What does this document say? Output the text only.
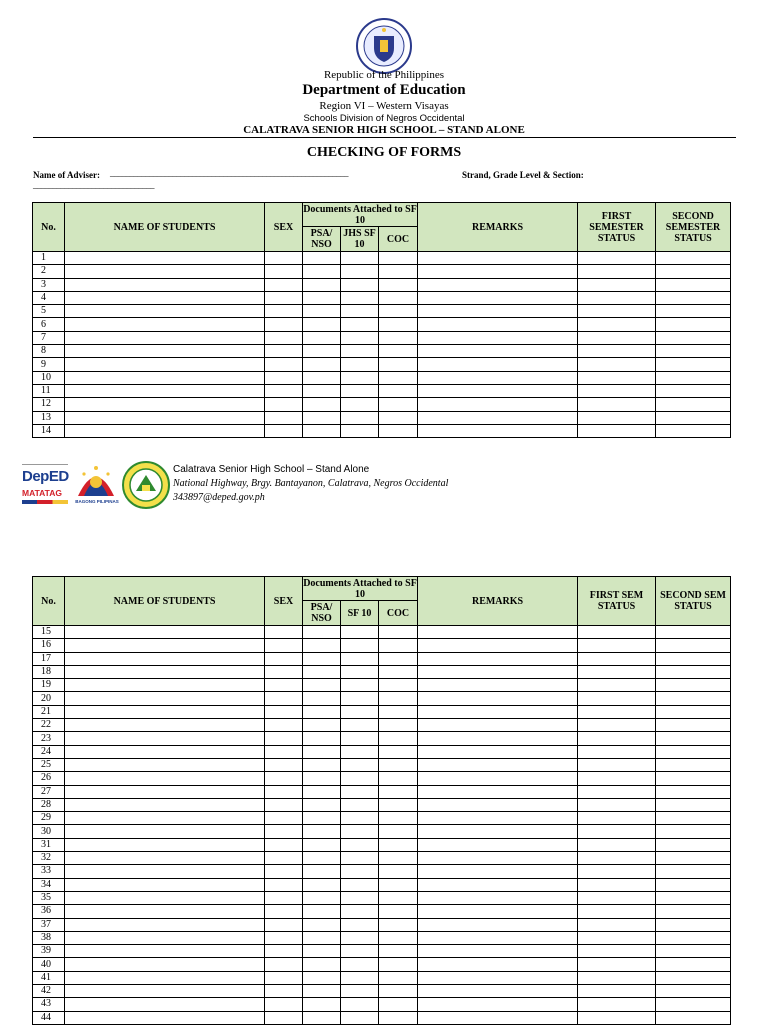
Republic of the Philippines
Department of Education
Region VI – Western Visayas
Schools Division of Negros Occidental
CALATRAVA SENIOR HIGH SCHOOL – STAND ALONE
CHECKING OF FORMS
Name of Adviser: _____________________________________________________________
_______________________________
Strand, Grade Level & Section:
No.	NAME OF STUDENTS	SEX	Documents Attached to SF 10			REMARKS	FIRST SEMESTER STATUS	SECOND SEMESTER STATUS
			PSA/ NSO	JHS SF 10	COC			
1								
2								
3								
4								
5								
6								
7								
8								
9								
10								
11								
12								
13								
14								
DepED
MATATAG
BAGONG PILIPINAS
Calatrava Senior High School – Stand Alone
National Highway, Brgy. Bantayanon, Calatrava, Negros Occidental
343897@deped.gov.ph
No.	NAME OF STUDENTS	SEX	Documents Attached to SF 10			REMARKS	FIRST SEM STATUS	SECOND SEM STATUS
			PSA/ NSO	SF 10	COC			
15								
16								
17								
18								
19								
20								
21								
22								
23								
24								
25								
26								
27								
28								
29								
30								
31								
32								
33								
34								
35								
36								
37								
38								
39								
40								
41								
42								
43								
44								
